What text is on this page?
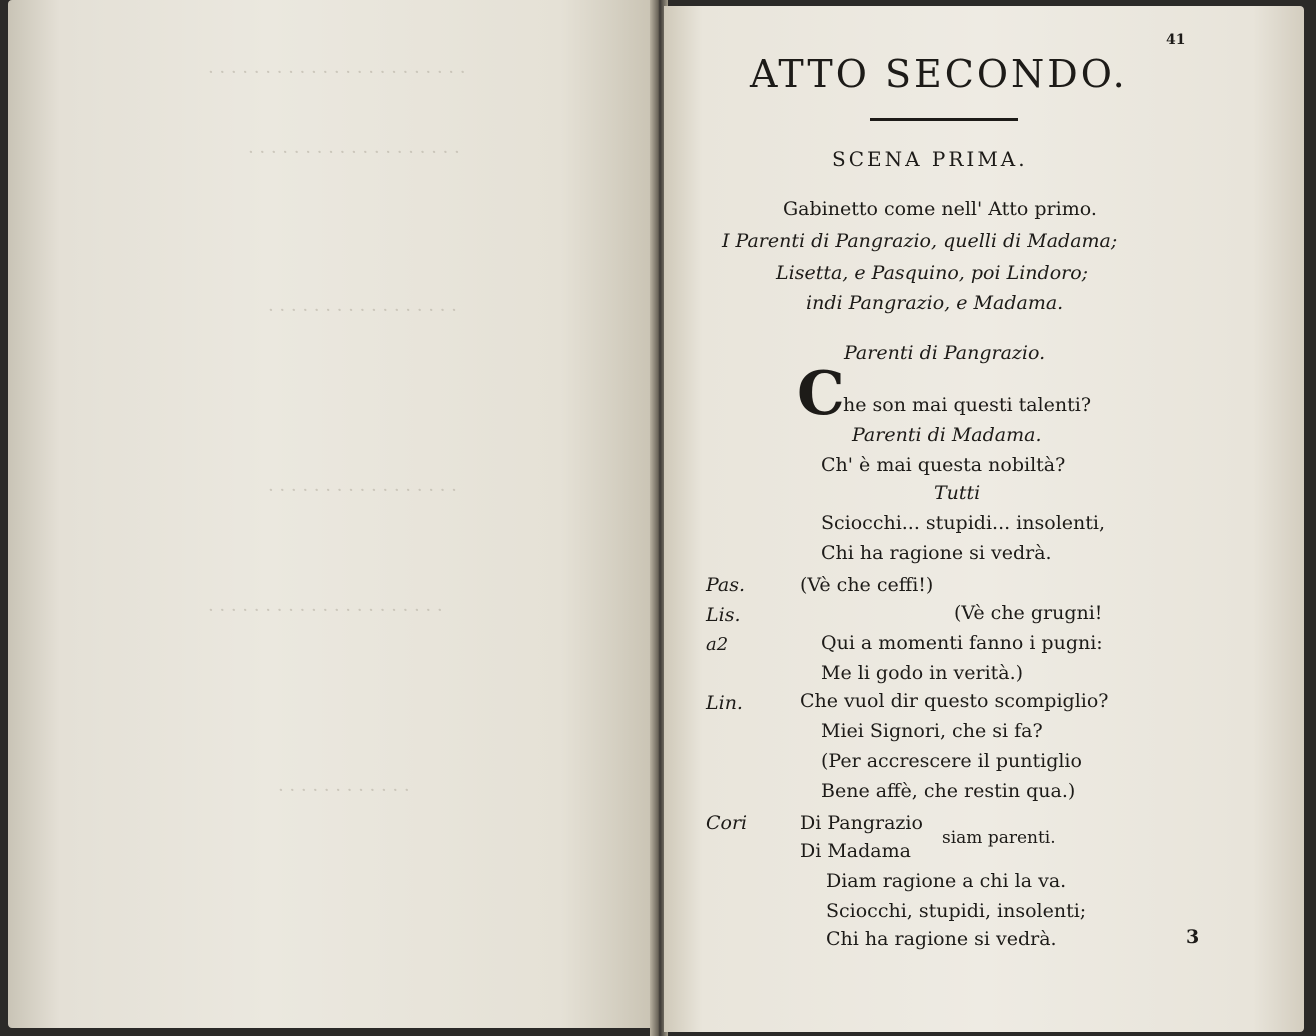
· · · · · · · · · · · · · · · · · · · · · · ·
· · · · · · · · · · · · · · · · · · ·
· · · · · · · · · · · · · · · · ·
· · · · · · · · · · · · · · · · ·
· · · · · · · · · · · · · · · · · · · · ·
· · · · · · · · · · · ·
41
ATTO SECONDO.
SCENA PRIMA.
Gabinetto come nell' Atto primo.
I Parenti di Pangrazio, quelli di Madama;
Lisetta, e Pasquino, poi Lindoro;
indi Pangrazio, e Madama.
Parenti di Pangrazio.
C
he son mai questi talenti?
Parenti di Madama.
Ch' è mai questa nobiltà?
Tutti
Sciocchi... stupidi... insolenti,
Chi ha ragione si vedrà.
Pas.	(Vè che ceffi!)
Lis.	(Vè che grugni!
a2	Qui a momenti fanno i pugni:
Me li godo in verità.)
Lin.	Che vuol dir questo scompiglio?
Miei Signori, che si fa?
(Per accrescere il puntiglio
Bene affè, che restin qua.)
Cori	Di Pangrazio
Di Madama
siam parenti.
Diam ragione a chi la va.
Sciocchi, stupidi, insolenti;
Chi ha ragione si vedrà.	3
